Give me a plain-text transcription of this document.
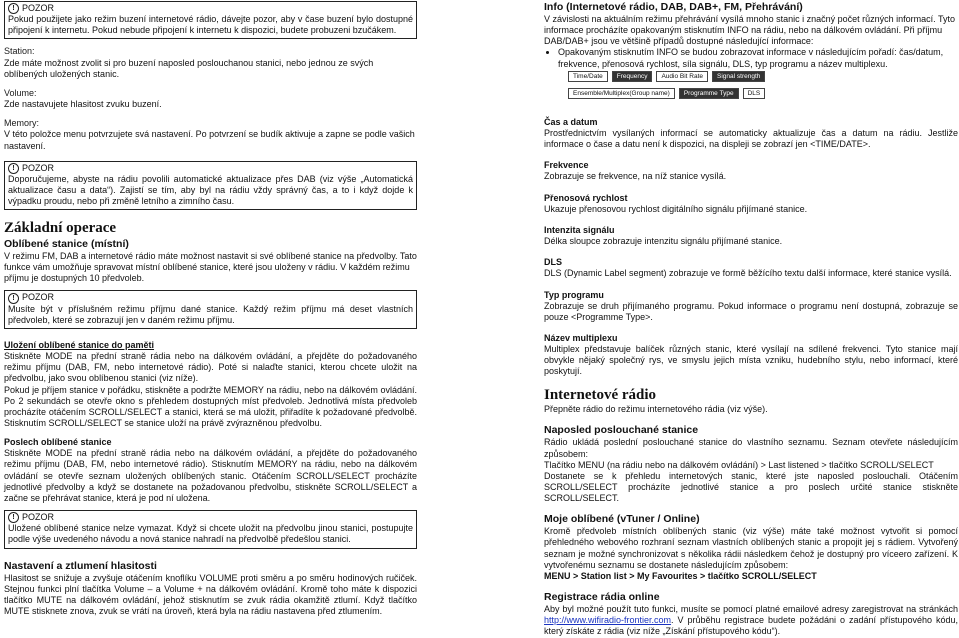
! POZOR

Pokud použijete jako režim buzení internetové rádio, dávejte pozor, aby v čase buzení bylo dostupné připojení k internetu. Pokud nebude připojení k internetu k dispozici, budete probuzeni bzučákem.

Station:

Zde máte možnost zvolit si pro buzení naposled poslouchanou stanici, nebo jednou ze svých oblíbených uložených stanic.

Volume:

Zde nastavujete hlasitost zvuku buzení.

Memory:

V této položce menu potvrzujete svá nastavení. Po potvrzení se budík aktivuje a zapne se podle vašich nastavení.

! POZOR

Doporučujeme, abyste na rádiu povolili automatické aktualizace přes DAB (viz výše „Automatická aktualizace času a data“). Zajistí se tím, aby byl na rádiu vždy správný čas, a to i když dojde k výpadku proudu, nebo při změně letního a zimního času.

Základní operace

Oblíbené stanice (místní)

V režimu FM, DAB a internetové rádio máte možnost nastavit si své oblíbené stanice na předvolby. Tato funkce vám umožňuje spravovat místní oblíbené stanice, které jsou uloženy v rádiu. V každém režimu příjmu je dostupných 10 předvoleb.

! POZOR

Musíte být v příslušném režimu příjmu dané stanice. Každý režim příjmu má deset vlastních předvoleb, které se zobrazují jen v daném režimu příjmu.

Uložení oblíbené stanice do paměti

Stiskněte MODE na přední straně rádia nebo na dálkovém ovládání, a přejděte do požadovaného režimu příjmu (DAB, FM, nebo internetové rádio). Poté si nalaďte stanici, kterou chcete uložit na předvolbu, jako svou oblíbenou stanici (viz níže).

Pokud je příjem stanice v pořádku, stiskněte a podržte MEMORY na rádiu, nebo na dálkovém ovládání. Po 2 sekundách se otevře okno s přehledem dostupných míst předvoleb. Jednotlivá místa předvoleb procházíte otáčením SCROLL/SELECT a stanici, která se má uložit, přiřadíte k požadované předvolbě. Stisknutím SCROLL/SELECT se stanice uloží na právě zvýrazněnou předvolbu.

Poslech oblíbené stanice

Stiskněte MODE na přední straně rádia nebo na dálkovém ovládání, a přejděte do požadovaného režimu příjmu (DAB, FM, nebo internetové rádio). Stisknutím MEMORY na rádiu, nebo na dálkovém ovládání se otevře seznam uložených oblíbených stanic. Otáčením SCROLL/SELECT procházíte jednotlivé předvolby a když se dostanete na požadovanou předvolbu, stiskněte SCROLL/SELECT a začne se přehrávat stanice, která je pod ní uložena.

! POZOR

Uložené oblíbené stanice nelze vymazat. Když si chcete uložit na předvolbu jinou stanici, postupujte podle výše uvedeného návodu a nová stanice nahradí na předvolbě předešlou stanici.

Nastavení a ztlumení hlasitosti

Hlasitost se snižuje a zvyšuje otáčením knoflíku VOLUME proti směru a po směru hodinových ručiček. Stejnou funkci plní tlačítka Volume – a Volume + na dálkovém ovládání. Kromě toho máte k dispozici tlačítko MUTE na dálkovém ovládání, jehož stisknutím se zvuk rádia okamžitě ztlumí. Když tlačítko MUTE stisknete znova, zvuk se vrátí na úroveň, která byla na rádiu nastavena před ztlumením.

Info (Internetové rádio, DAB, DAB+, FM, Přehrávání)

V závislosti na aktuálním režimu přehrávání vysílá mnoho stanic i značný počet různých informací. Tyto informace procházíte opakovaným stisknutím INFO na rádiu, nebo na dálkovém ovládání. Při příjmu DAB/DAB+ jsou ve většině případů dostupné následující informace:

• Opakovaným stisknutím INFO se budou zobrazovat informace v následujícím pořadí: čas/datum, frekvence, přenosová rychlost, síla signálu, DLS, typ programu a název multiplexu.
Time/Date	Frequency	Audio Bit Rate	Signal strength
Ensemble/Multiplex(Group name)	Programme Type	DLS

Čas a datum

Prostřednictvím vysílaných informací se automaticky aktualizuje čas a datum na rádiu. Jestliže informace o čase a datu není k dispozici, na displeji se zobrazí jen <TIME/DATE>.

Frekvence

Zobrazuje se frekvence, na níž stanice vysílá.

Přenosová rychlost

Ukazuje přenosovou rychlost digitálního signálu přijímané stanice.

Intenzita signálu

Délka sloupce zobrazuje intenzitu signálu přijímané stanice.

DLS

DLS (Dynamic Label segment) zobrazuje ve formě běžícího textu další informace, které stanice vysílá.

Typ programu

Zobrazuje se druh přijímaného programu. Pokud informace o programu není dostupná, zobrazuje se pouze <Programme Type>.

Název multiplexu

Multiplex představuje balíček různých stanic, které vysílají na sdílené frekvenci. Tyto stanice mají obvykle nějaký společný rys, ve smyslu jejich místa vzniku, hudebního stylu, nebo informací, které poskytují.

Internetové rádio

Přepněte rádio do režimu internetového rádia (viz výše).

Naposled poslouchané stanice

Rádio ukládá poslední poslouchané stanice do vlastního seznamu. Seznam otevřete následujícím způsobem:

Tlačítko MENU (na rádiu nebo na dálkovém ovládání) > Last listened > tlačítko SCROLL/SELECT

Dostanete se k přehledu internetových stanic, které jste naposled poslouchali. Otáčením SCROLL/SELECT procházíte jednotlivé stanice a pro poslech určité stanice stiskněte SCROLL/SELECT.

Moje oblíbené (vTuner / Online)

Kromě předvoleb místních oblíbených stanic (viz výše) máte také možnost vytvořit si pomocí přehledného webového rozhraní seznam vlastních oblíbených stanic a propojit jej s rádiem. Vytvořený seznam je možné synchronizovat s několika rádii následkem čehož je dostupný pro víceero zařízení. K vytvořenému seznamu se dostanete následujícím způsobem:

MENU > Station list > My Favourites > tlačítko SCROLL/SELECT

Registrace rádia online

Aby byl možné použít tuto funkci, musíte se pomocí platné emailové adresy zaregistrovat na stránkách http://www.wifiradio-frontier.com. V průběhu registrace budete požádáni o zadání přístupového kódu, který získáte z rádia (viz níže „Získání přístupového kódu“).
